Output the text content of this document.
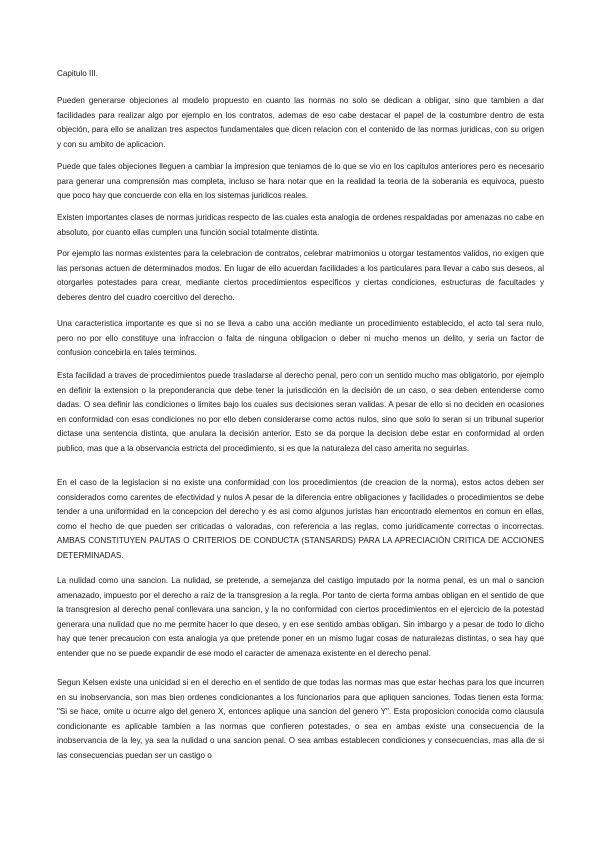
Capitulo III.

Pueden generarse objeciones al modelo propuesto en cuanto las normas no solo se dedican a obligar, sino que tambien a dar facilidades para realizar algo por ejemplo en los contratos, ademas de eso cabe destacar el papel de la costumbre dentro de esta objeción, para ello se analizan tres aspectos fundamentales que dicen relacion con el contenido de las normas juridicas, con su origen y con su ambito de aplicacion.

Puede que tales objeciones lleguen a cambiar la impresion que teniamos de lo que se vio en los capitulos anteriores pero es necesario para generar una comprensión mas completa, incluso se hara notar que en la realidad la teoria de la soberania es equivoca, puesto que poco hay que concuerde con ella en los sistemas juridicos reales.

Existen importantes clases de normas juridicas respecto de las cuales esta analogia de ordenes respaldadas por amenazas no cabe en absoluto, por cuanto ellas cumplen una función social totalmente distinta.

Por ejemplo las normas existentes para la celebracion de contratos, celebrar matrimonios u otorgar testamentos validos, no exigen que las personas actuen de determinados modos. En lugar de ello acuerdan facilidades a los particulares para llevar a cabo sus deseos, al otorgarles potestades para crear, mediante ciertos procedimientos especificos y ciertas condiciones, estructuras de facultades y deberes dentro del cuadro coercitivo del derecho.

Una caracteristica importante es que si no se lleva a cabo una acción mediante un procedimiento establecido, el acto tal sera nulo, pero no por ello constituye una infraccion o falta de ninguna obligacion o deber ni mucho menos un delito, y seria un factor de confusion concebirla en tales terminos.

Esta facilidad a traves de procedimientos puede trasladarse al derecho penal, pero con un sentido mucho mas obligatorio, por ejemplo en definir la extension o la preponderancia que debe tener la jurisdicción en la decisión de un caso, o sea deben entenderse como dadas. O sea definir las condiciones o limites bajo los cuales sus decisiones seran validas. A pesar de ello si no deciden en ocasiones en conformidad con esas condiciones no por ello deben considerarse como actos nulos, sino que solo lo seran si un tribunal superior dictase una sentencia distinta, que anulara la decisión anterior. Esto se da porque la decision debe estar en conformidad al orden publico, mas que a la observancia estricta del procedimiento, si es que la naturaleza del caso amerita no seguirlas.

En el caso de la legislacion si no existe una conformidad con los procedimientos (de creacion de la norma), estos actos deben ser considerados como carentes de efectividad y nulos A pesar de la diferencia entre obligaciones y facilidades o procedimientos se debe tender a una uniformidad en la concepcion del derecho y es asi como algunos juristas han encontrado elementos en comun en ellas, como el hecho de que pueden ser criticadas o valoradas, con referencia a las reglas, como juridicamente correctas o incorrectas. AMBAS CONSTITUYEN PAUTAS O CRITERIOS DE CONDUCTA (STANSARDS) PARA LA APRECIACIÓN CRITICA DE ACCIONES DETERMINADAS.

La nulidad como una sancion. La nulidad, se pretende, a semejanza del castigo imputado por la norma penal, es un mal o sancion amenazado, impuesto por el derecho a raíz de la transgresion a la regla. Por tanto de cierta forma ambas obligan en el sentido de que la transgresion al derecho penal conllevara una sancion, y la no conformidad con ciertos procedimientos en el ejercicio de la potestad generara una nulidad que no me permite hacer lo que deseo, y en ese sentido ambas obligan. Sin imbargo y a pesar de todo lo dicho hay que tener precaucion con esta analogia ya que pretende poner en un mismo lugar cosas de naturalezas distintas, o sea hay que entender que no se puede expandir de ese modo el caracter de amenaza existente en el derecho penal.

Segun Kelsen existe una unicidad si en el derecho en el sentido de que todas las normas mas que estar hechas para los que incurren en su inobservancia, son mas bien ordenes condicionantes a los funcionarios para que apliquen sanciones. Todas tienen esta forma: "Si se hace, omite u ocurre algo del genero X, entonces aplique una sancion del genero Y". Esta proposicion conocida como clausula condicionante es aplicable tambien a las normas que confieren potestades, o sea en ambas existe una consecuencia de la inobservancia de la ley, ya sea la nulidad o una sancion penal. O sea ambas establecen condiciones y consecuencias, mas alla de si las consecuencias puedan ser un castigo o
